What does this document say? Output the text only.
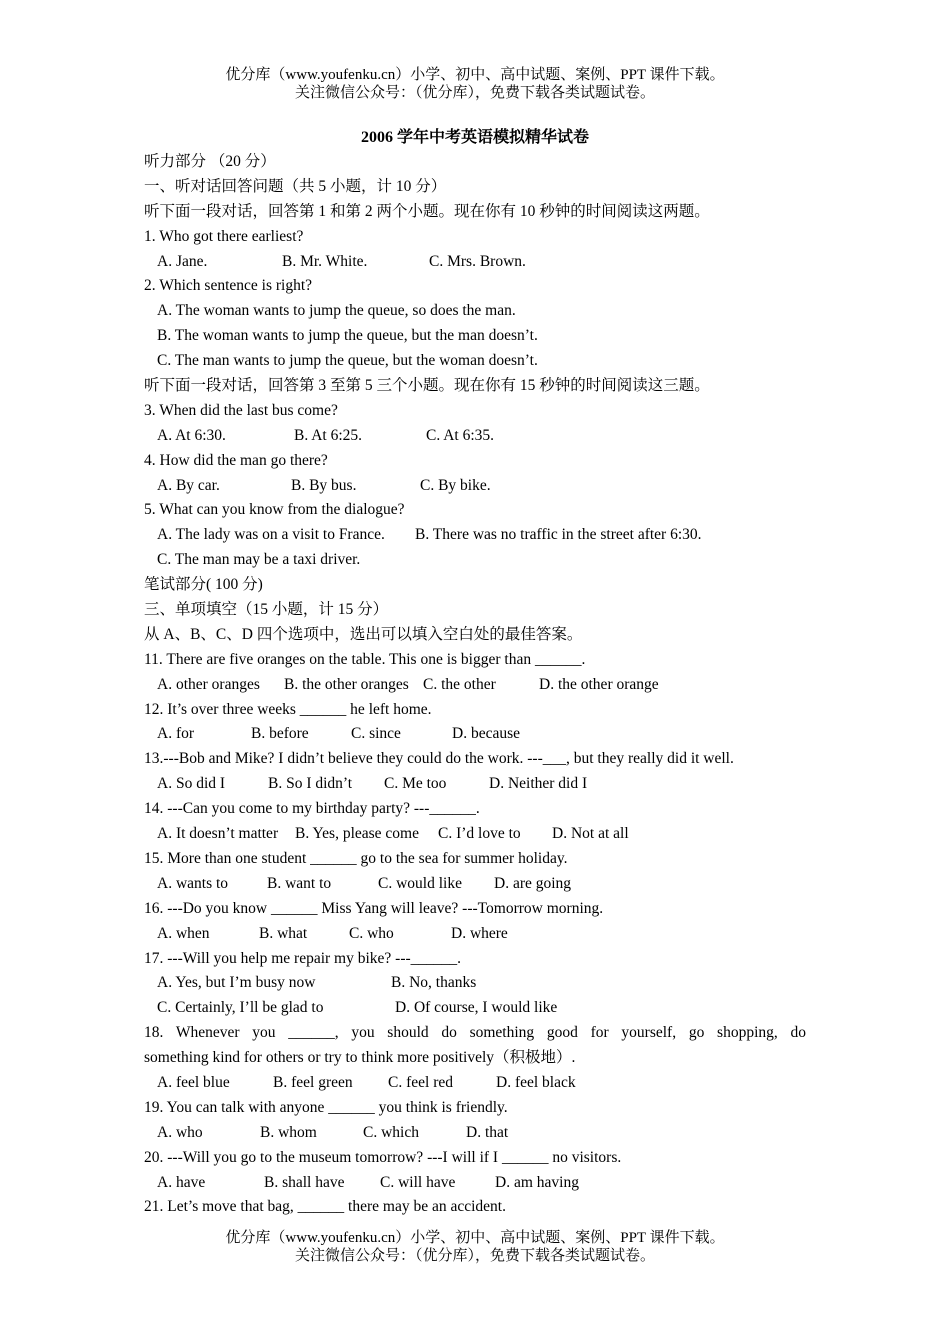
优分库（www.youfenku.cn）小学、初中、高中试题、案例、PPT 课件下载。
关注微信公众号：（优分库），免费下载各类试题试卷。
2006 学年中考英语模拟精华试卷
听力部分 （20 分）
一、听对话回答问题（共 5 小题，计 10 分）
听下面一段对话，回答第 1 和第 2 两个小题。现在你有 10 秒钟的时间阅读这两题。
1. Who got there earliest?
A. Jane.	B. Mr. White.	C. Mrs. Brown.
2. Which sentence is right?
A. The woman wants to jump the queue, so does the man.
B. The woman wants to jump the queue, but the man doesn’t.
C. The man wants to jump the queue, but the woman doesn’t.
听下面一段对话，回答第 3 至第 5 三个小题。现在你有 15 秒钟的时间阅读这三题。
3. When did the last bus come?
A. At 6:30.	B. At 6:25.	C. At 6:35.
4. How did the man go there?
A. By car.	B. By bus.	C. By bike.
5. What can you know from the dialogue?
A. The lady was on a visit to France. B. There was no traffic in the street after 6:30.
C. The man may be a taxi driver.
笔试部分( 100 分)
三、单项填空（15 小题，计 15 分）
从 A、B、C、D 四个选项中，选出可以填入空白处的最佳答案。
11. There are five oranges on the table. This one is bigger than ______.
A. other oranges B. the other oranges C. the other	D. the other orange
12. It’s over three weeks ______ he left home.
A. for	B. before	C. since	D. because
13.---Bob and Mike? I didn’t believe they could do the work. ---___, but they really did it well.
A. So did I	B. So I didn’t C. Me too	D. Neither did I
14. ---Can you come to my birthday party? ---______.
A. It doesn’t matter B. Yes, please come C. I’d love to D. Not at all
15. More than one student ______ go to the sea for summer holiday.
A. wants to	B. want to	C. would like D. are going
16. ---Do you know ______ Miss Yang will leave? ---Tomorrow morning.
A. when	B. what	C. who	D. where
17. ---Will you help me repair my bike? ---______.
A. Yes, but I’m busy now	B. No, thanks
C. Certainly, I’ll be glad to	D. Of course, I would like
18. Whenever you ______, you should do something good for yourself, go shopping, do
something kind for others or try to think more positively（积极地）.
A. feel blue	B. feel green C. feel red	D. feel black
19. You can talk with anyone ______ you think is friendly.
A. who	B. whom	C. which	D. that
20. ---Will you go to the museum tomorrow? ---I will if I ______ no visitors.
A. have	B. shall have C. will have	D. am having
21. Let’s move that bag, ______ there may be an accident.
优分库（www.youfenku.cn）小学、初中、高中试题、案例、PPT 课件下载。
关注微信公众号：（优分库），免费下载各类试题试卷。
